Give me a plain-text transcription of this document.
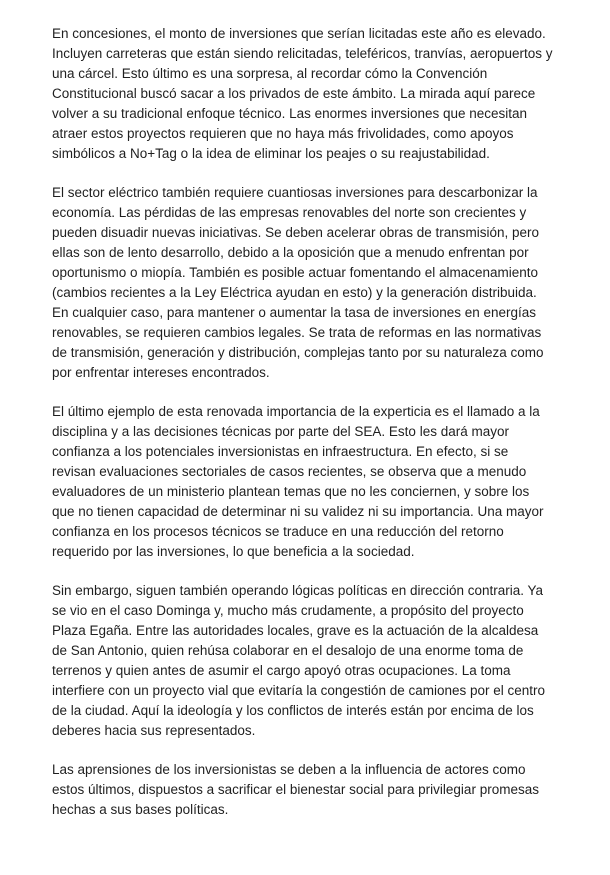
En concesiones, el monto de inversiones que serían licitadas este año es elevado. Incluyen carreteras que están siendo relicitadas, teleféricos, tranvías, aeropuertos y una cárcel. Esto último es una sorpresa, al recordar cómo la Convención Constitucional buscó sacar a los privados de este ámbito. La mirada aquí parece volver a su tradicional enfoque técnico. Las enormes inversiones que necesitan atraer estos proyectos requieren que no haya más frivolidades, como apoyos simbólicos a No+Tag o la idea de eliminar los peajes o su reajustabilidad.

El sector eléctrico también requiere cuantiosas inversiones para descarbonizar la economía. Las pérdidas de las empresas renovables del norte son crecientes y pueden disuadir nuevas iniciativas. Se deben acelerar obras de transmisión, pero ellas son de lento desarrollo, debido a la oposición que a menudo enfrentan por oportunismo o miopía. También es posible actuar fomentando el almacenamiento (cambios recientes a la Ley Eléctrica ayudan en esto) y la generación distribuida. En cualquier caso, para mantener o aumentar la tasa de inversiones en energías renovables, se requieren cambios legales. Se trata de reformas en las normativas de transmisión, generación y distribución, complejas tanto por su naturaleza como por enfrentar intereses encontrados.

El último ejemplo de esta renovada importancia de la experticia es el llamado a la disciplina y a las decisiones técnicas por parte del SEA. Esto les dará mayor confianza a los potenciales inversionistas en infraestructura. En efecto, si se revisan evaluaciones sectoriales de casos recientes, se observa que a menudo evaluadores de un ministerio plantean temas que no les conciernen, y sobre los que no tienen capacidad de determinar ni su validez ni su importancia. Una mayor confianza en los procesos técnicos se traduce en una reducción del retorno requerido por las inversiones, lo que beneficia a la sociedad.

Sin embargo, siguen también operando lógicas políticas en dirección contraria. Ya se vio en el caso Dominga y, mucho más crudamente, a propósito del proyecto Plaza Egaña. Entre las autoridades locales, grave es la actuación de la alcaldesa de San Antonio, quien rehúsa colaborar en el desalojo de una enorme toma de terrenos y quien antes de asumir el cargo apoyó otras ocupaciones. La toma interfiere con un proyecto vial que evitaría la congestión de camiones por el centro de la ciudad. Aquí la ideología y los conflictos de interés están por encima de los deberes hacia sus representados.

Las aprensiones de los inversionistas se deben a la influencia de actores como estos últimos, dispuestos a sacrificar el bienestar social para privilegiar promesas hechas a sus bases políticas.
